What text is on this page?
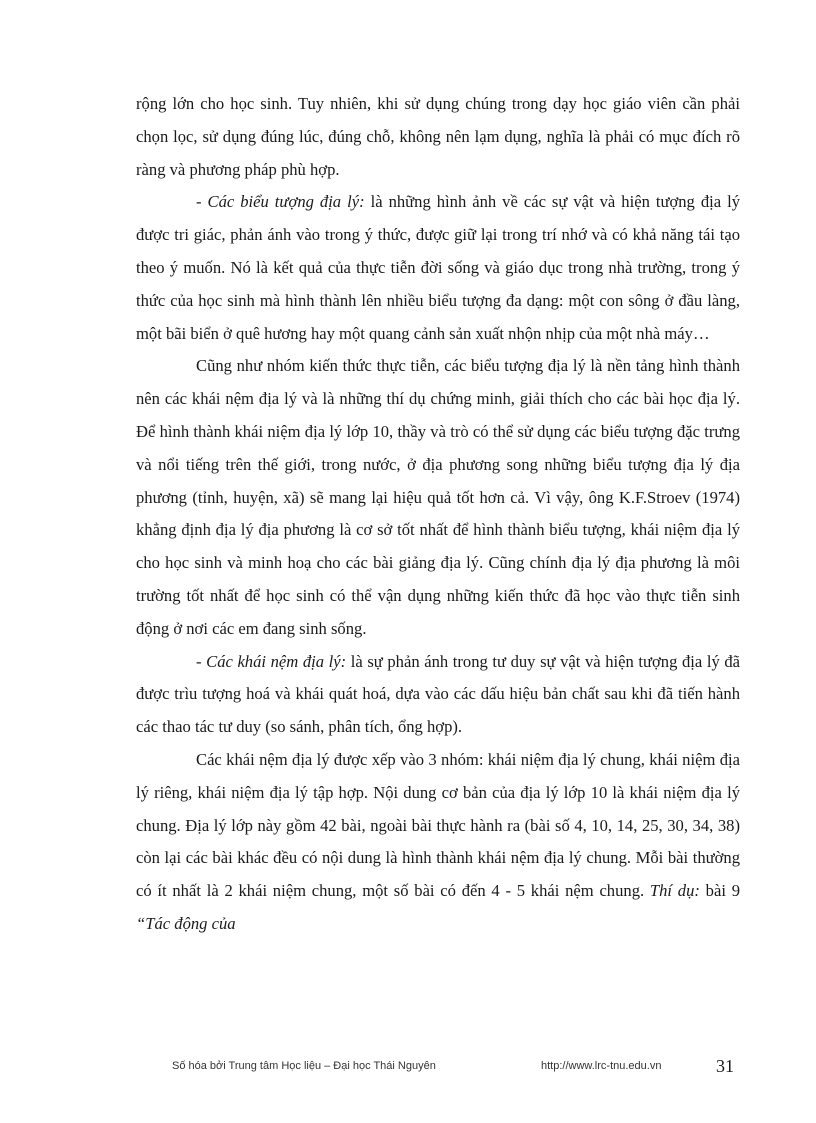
rộng lớn cho học sinh. Tuy nhiên, khi sử dụng chúng trong dạy học giáo viên cần phải chọn lọc, sử dụng đúng lúc, đúng chỗ, không nên lạm dụng, nghĩa là phải có mục đích rõ ràng và phương pháp phù hợp.

- Các biểu tượng địa lý: là những hình ảnh về các sự vật và hiện tượng địa lý được tri giác, phản ánh vào trong ý thức, được giữ lại trong trí nhớ và có khả năng tái tạo theo ý muốn. Nó là kết quả của thực tiễn đời sống và giáo dục trong nhà trường, trong ý thức của học sinh mà hình thành lên nhiều biểu tượng đa dạng: một con sông ở đầu làng, một bãi biển ở quê hương hay một quang cảnh sản xuất nhộn nhịp của một nhà máy…

Cũng như nhóm kiến thức thực tiễn, các biểu tượng địa lý là nền tảng hình thành nên các khái nệm địa lý và là những thí dụ chứng minh, giải thích cho các bài học địa lý. Để hình thành khái niệm địa lý lớp 10, thầy và trò có thể sử dụng các biểu tượng đặc trưng và nổi tiếng trên thế giới, trong nước, ở địa phương song những biểu tượng địa lý địa phương (tỉnh, huyện, xã) sẽ mang lại hiệu quả tốt hơn cả. Vì vậy, ông K.F.Stroev (1974) khẳng định địa lý địa phương là cơ sở tốt nhất để hình thành biểu tượng, khái niệm địa lý cho học sinh và minh hoạ cho các bài giảng địa lý. Cũng chính địa lý địa phương là môi trường tốt nhất để học sinh có thể vận dụng những kiến thức đã học vào thực tiễn sinh động ở nơi các em đang sinh sống.

- Các khái nệm địa lý: là sự phản ánh trong tư duy sự vật và hiện tượng địa lý đã được trìu tượng hoá và khái quát hoá, dựa vào các dấu hiệu bản chất sau khi đã tiến hành các thao tác tư duy (so sánh, phân tích, ổng hợp).

Các khái nệm địa lý được xếp vào 3 nhóm: khái niệm địa lý chung, khái niệm địa lý riêng, khái niệm địa lý tập hợp. Nội dung cơ bản của địa lý lớp 10 là khái niệm địa lý chung. Địa lý lớp này gồm 42 bài, ngoài bài thực hành ra (bài số 4, 10, 14, 25, 30, 34, 38) còn lại các bài khác đều có nội dung là hình thành khái nệm địa lý chung. Mỗi bài thường có ít nhất là 2 khái niệm chung, một số bài có đến 4 - 5 khái nệm chung. Thí dụ: bài 9 “Tác động của

Số hóa bởi Trung tâm Học liệu – Đại học Thái Nguyên	http://www.lrc-tnu.edu.vn	31
